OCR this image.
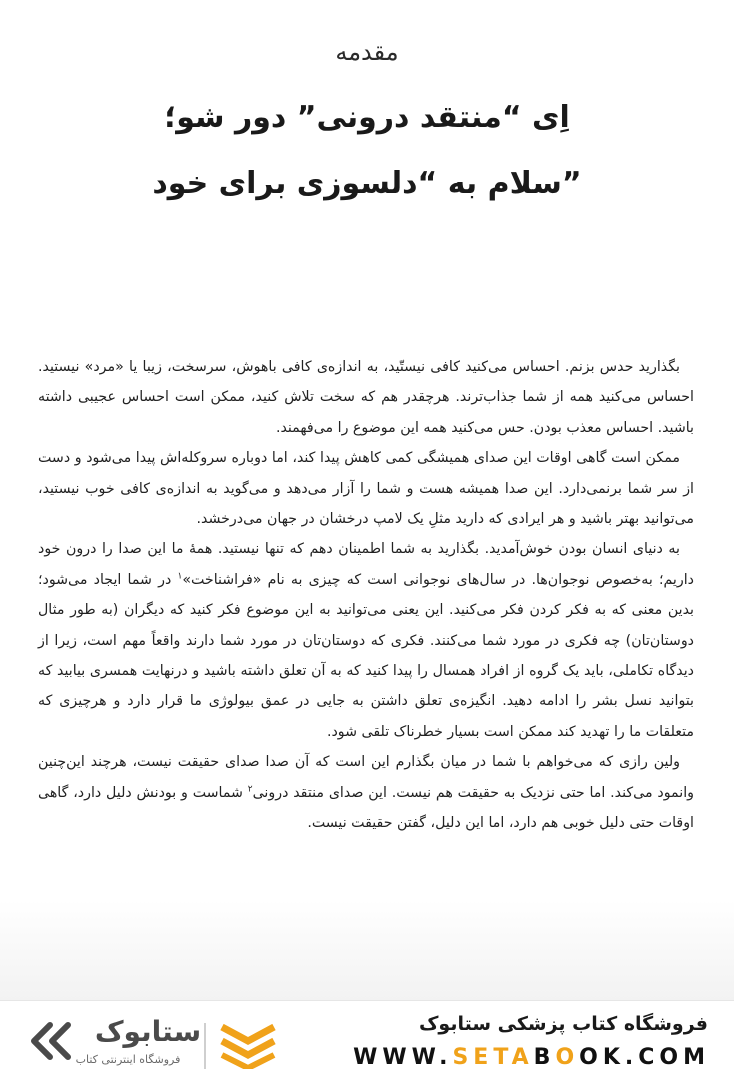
مقدمه
اِی “منتقد درونی” دور شو؛
سلام به “دلسوزی برای خود”

بگذارید حدس بزنم. احساس می‌کنید کافی نیستّید، به اندازه‌ی کافی باهوش، سرسخت، زیبا یا «مرد» نیستید. احساس می‌کنید همه از شما جذاب‌ترند. هرچقدر هم که سخت تلاش کنید، ممکن است احساس عجیبی داشته باشید. احساس معذب بودن. حس می‌کنید همه این موضوع را می‌فهمند.

ممکن است گاهی اوقات این صدای همیشگی کمی کاهش پیدا کند، اما دوباره سروکله‌اش پیدا می‌شود و دست از سر شما برنمی‌دارد. این صدا همیشه هست و شما را آزار می‌دهد و می‌گوید به اندازه‌ی کافی خوب نیستید، می‌توانید بهتر باشید و هر ایرادی که دارید مثلِ یک لامپ درخشان در جهان می‌درخشد.

به دنیای انسان بودن خوش‌آمدید. بگذارید به شما اطمینان دهم که تنها نیستید. همهٔ ما این صدا را درون خود داریم؛ به‌خصوص نوجوان‌ها. در سال‌های نوجوانی است که چیزی به نام «فراشناخت»$^۱$ در شما ایجاد می‌شود؛ بدین معنی که به فکر کردن فکر می‌کنید. این یعنی می‌توانید به این موضوع فکر کنید که دیگران (به طور مثال دوستان‌تان) چه فکری در مورد شما می‌کنند. فکری که دوستان‌تان در مورد شما دارند واقعاً مهم است، زیرا از دیدگاه تکاملی، باید یک گروه از افراد همسال را پیدا کنید که به آن تعلق داشته باشید و درنهایت همسری بیابید که بتوانید نسل بشر را ادامه دهید. انگیزه‌ی تعلق داشتن به جایی در عمق بیولوژی ما قرار دارد و هرچیزی که متعلقات ما را تهدید کند ممکن است بسیار خطرناک تلقی شود.

ولین رازی که می‌خواهم با شما در میان بگذارم این است که آن صدا صدای حقیقت نیست، هرچند این‌چنین وانمود می‌کند. اما حتی نزدیک به حقیقت هم نیست. این صدای منتقد درونی$^۲$ شماست و بودنش دلیل دارد، گاهی اوقات حتی دلیل خوبی هم دارد، اما این دلیل، گفتن حقیقت نیست.

ستابوک
فروشگاه اینترنتی کتاب
فروشگاه کتاب پزشکی ستابوک
WWW.SETABOOK.COM
